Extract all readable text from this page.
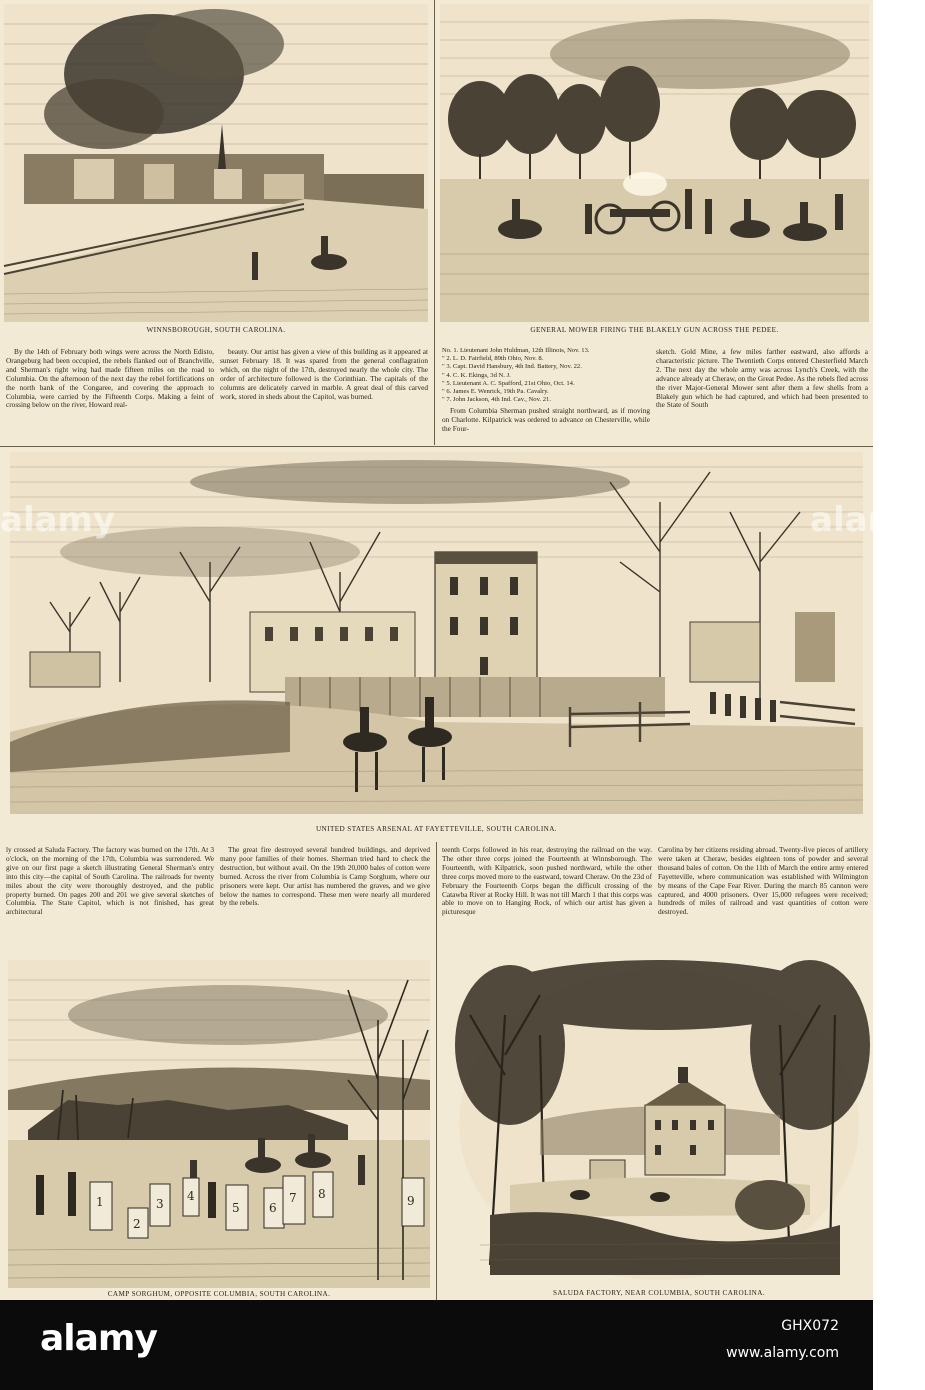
WINNSBOROUGH, SOUTH CAROLINA.	GENERAL MOWER FIRING THE BLAKELY GUN ACROSS THE PEDEE.

By the 14th of February both wings were across the North Edisto, Orangeburg had been occupied, the rebels flanked out of Branchville, and Sherman's right wing had made fifteen miles on the road to Columbia. On the afternoon of the next day the rebel fortifications on the north bank of the Congaree, and covering the approach to Columbia, were carried by the Fifteenth Corps. Making a feint of crossing below on the river, Howard real-

beauty. Our artist has given a view of this building as it appeared at sunset February 18. It was spared from the general conflagration which, on the night of the 17th, destroyed nearly the whole city. The order of architecture followed is the Corinthian. The capitals of the columns are delicately carved in marble. A great deal of this carved work, stored in sheds about the Capitol, was burned.

No. 1. Lieutenant John Huldman, 12th Illinois, Nov. 13.
" 2. L. D. Fairfield, 89th Ohio, Nov. 8.
" 3. Capt. David Hansbury, 4th Ind. Battery, Nov. 22.
" 4. C. K. Ekings, 3d N. J.
" 5. Lieutenant A. C. Spafford, 21st Ohio, Oct. 14.
" 6. James E. Wenrick, 19th Pa. Cavalry.
" 7. John Jackson, 4th Ind. Cav., Nov. 21.

From Columbia Sherman pushed straight northward, as if moving on Charlotte. Kilpatrick was ordered to advance on Chesterville, while the Four-

sketch. Gold Mine, a few miles farther eastward, also affords a characteristic picture. The Twentieth Corps entered Chesterfield March 2. The next day the whole army was across Lynch's Creek, with the advance already at Cheraw, on the Great Pedee. As the rebels fled across the river Major-General Mower sent after them a few shells from a Blakely gun which he had captured, and which had been presented to the State of South

UNITED STATES ARSENAL AT FAYETTEVILLE, SOUTH CAROLINA.

ly crossed at Saluda Factory. The factory was burned on the 17th. At 3 o'clock, on the morning of the 17th, Columbia was surrendered. We give on our first page a sketch illustrating General Sherman's entry into this city—the capital of South Carolina. The railroads for twenty miles about the city were thoroughly destroyed, and the public property burned. On pages 200 and 201 we give several sketches of Columbia. The State Capitol, which is not finished, has great architectural

The great fire destroyed several hundred buildings, and deprived many poor families of their homes. Sherman tried hard to check the destruction, but without avail. On the 19th 20,000 bales of cotton were burned. Across the river from Columbia is Camp Sorghum, where our prisoners were kept. Our artist has numbered the graves, and we give below the names to correspond. These men were nearly all murdered by the rebels.

teenth Corps followed in his rear, destroying the railroad on the way. The other three corps joined the Fourteenth at Winnsborough. The Fourteenth, with Kilpatrick, soon pushed northward, while the other three corps moved more to the eastward, toward Cheraw. On the 23d of February the Fourteenth Corps began the difficult crossing of the Catawba River at Rocky Hill. It was not till March 1 that this corps was able to move on to Hanging Rock, of which our artist has given a picturesque

Carolina by her citizens residing abroad. Twenty-five pieces of artillery were taken at Cheraw, besides eighteen tons of powder and several thousand bales of cotton. On the 11th of March the entire army entered Fayetteville, where communication was established with Wilmington by means of the Cape Fear River. During the march 85 cannon were captured, and 4000 prisoners. Over 15,000 refugees were received; hundreds of miles of railroad and vast quantities of cotton were destroyed.

1
2
3
4
5 6
7 8	9
CAMP SORGHUM, OPPOSITE COLUMBIA, SOUTH CAROLINA.	SALUDA FACTORY, NEAR COLUMBIA, SOUTH CAROLINA.
alamy	alamy
alamy	GHX072
www.alamy.com
